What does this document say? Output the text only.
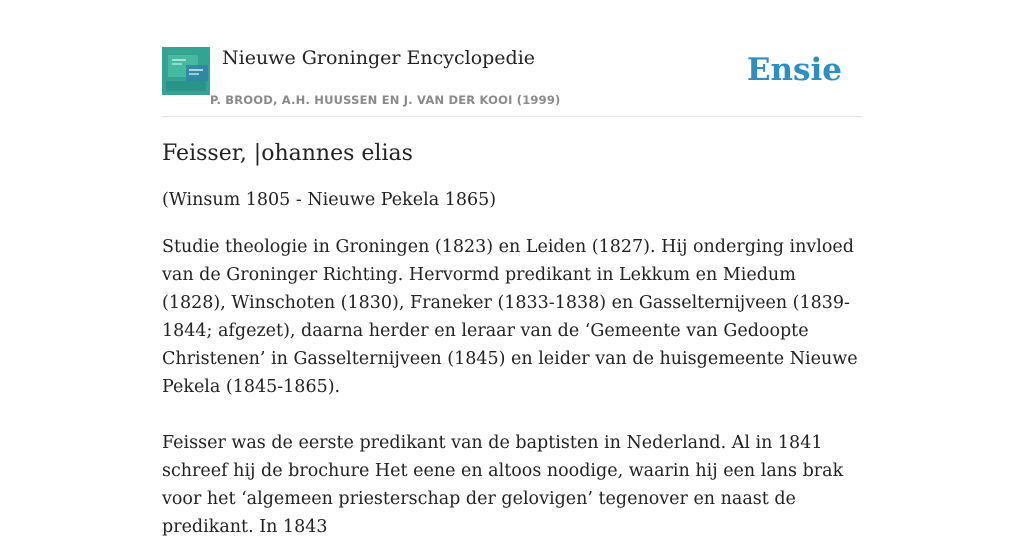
Nieuwe Groninger Encyclopedie
P. BROOD, A.H. HUUSSEN EN J. VAN DER KOOI (1999)
Ensie
Feisser, |ohannes elias

(Winsum 1805 - Nieuwe Pekela 1865)

Studie theologie in Groningen (1823) en Leiden (1827). Hij onderging invloed van de Groninger Richting. Hervormd predikant in Lekkum en Miedum (1828), Winschoten (1830), Franeker (1833-1838) en Gasselternijveen (1839-1844; afgezet), daarna herder en leraar van de ‘Gemeente van Gedoopte Christenen’ in Gasselternijveen (1845) en leider van de huisgemeente Nieuwe Pekela (1845-1865).

Feisser was de eerste predikant van de baptisten in Nederland. Al in 1841 schreef hij de brochure Het eene en altoos noodige, waarin hij een lans brak voor het ‘algemeen priesterschap der gelovigen’ tegenover en naast de predikant. In 1843
